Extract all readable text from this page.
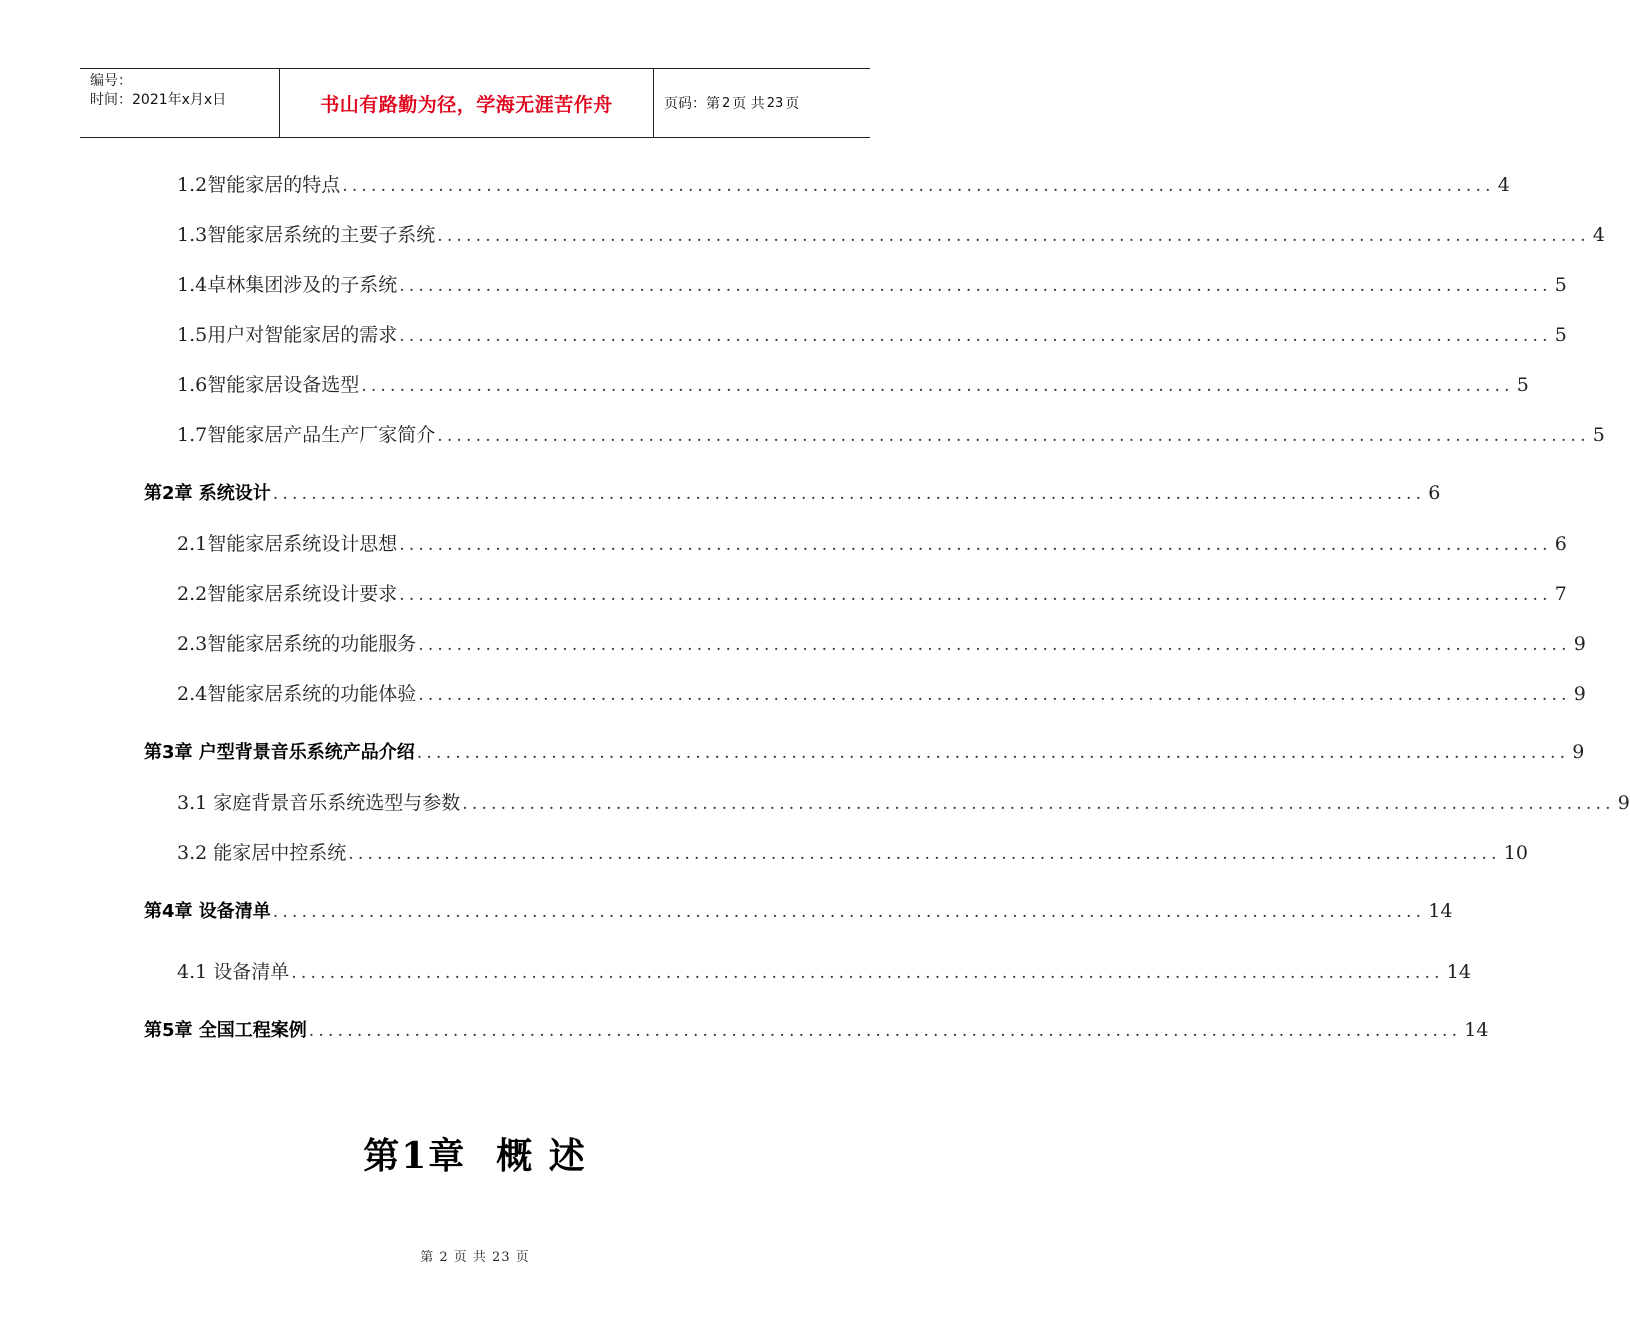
编号：
时间：2021年x月x日	书山有路勤为径，学海无涯苦作舟	页码：第 2 页 共 23 页
1.2智能家居的特点 ........................................................................................................................ 4
1.3智能家居系统的主要子系统 ........................................................................................................................ 4
1.4卓林集团涉及的子系统 ........................................................................................................................ 5
1.5用户对智能家居的需求 ........................................................................................................................ 5
1.6智能家居设备选型 ........................................................................................................................ 5
1.7智能家居产品生产厂家简介 ........................................................................................................................ 5
第2章 系统设计 ........................................................................................................................ 6
2.1智能家居系统设计思想 ........................................................................................................................ 6
2.2智能家居系统设计要求 ........................................................................................................................ 7
2.3智能家居系统的功能服务 ........................................................................................................................ 9
2.4智能家居系统的功能体验 ........................................................................................................................ 9
第3章 户型背景音乐系统产品介绍 ........................................................................................................................ 9
3.1 家庭背景音乐系统选型与参数 ........................................................................................................................ 9
3.2 能家居中控系统 ........................................................................................................................ 10
第4章 设备清单 ........................................................................................................................ 14
4.1 设备清单 ........................................................................................................................ 14
第5章 全国工程案例 ........................................................................................................................ 14
第1章 概 述
第 2 页 共 23 页
